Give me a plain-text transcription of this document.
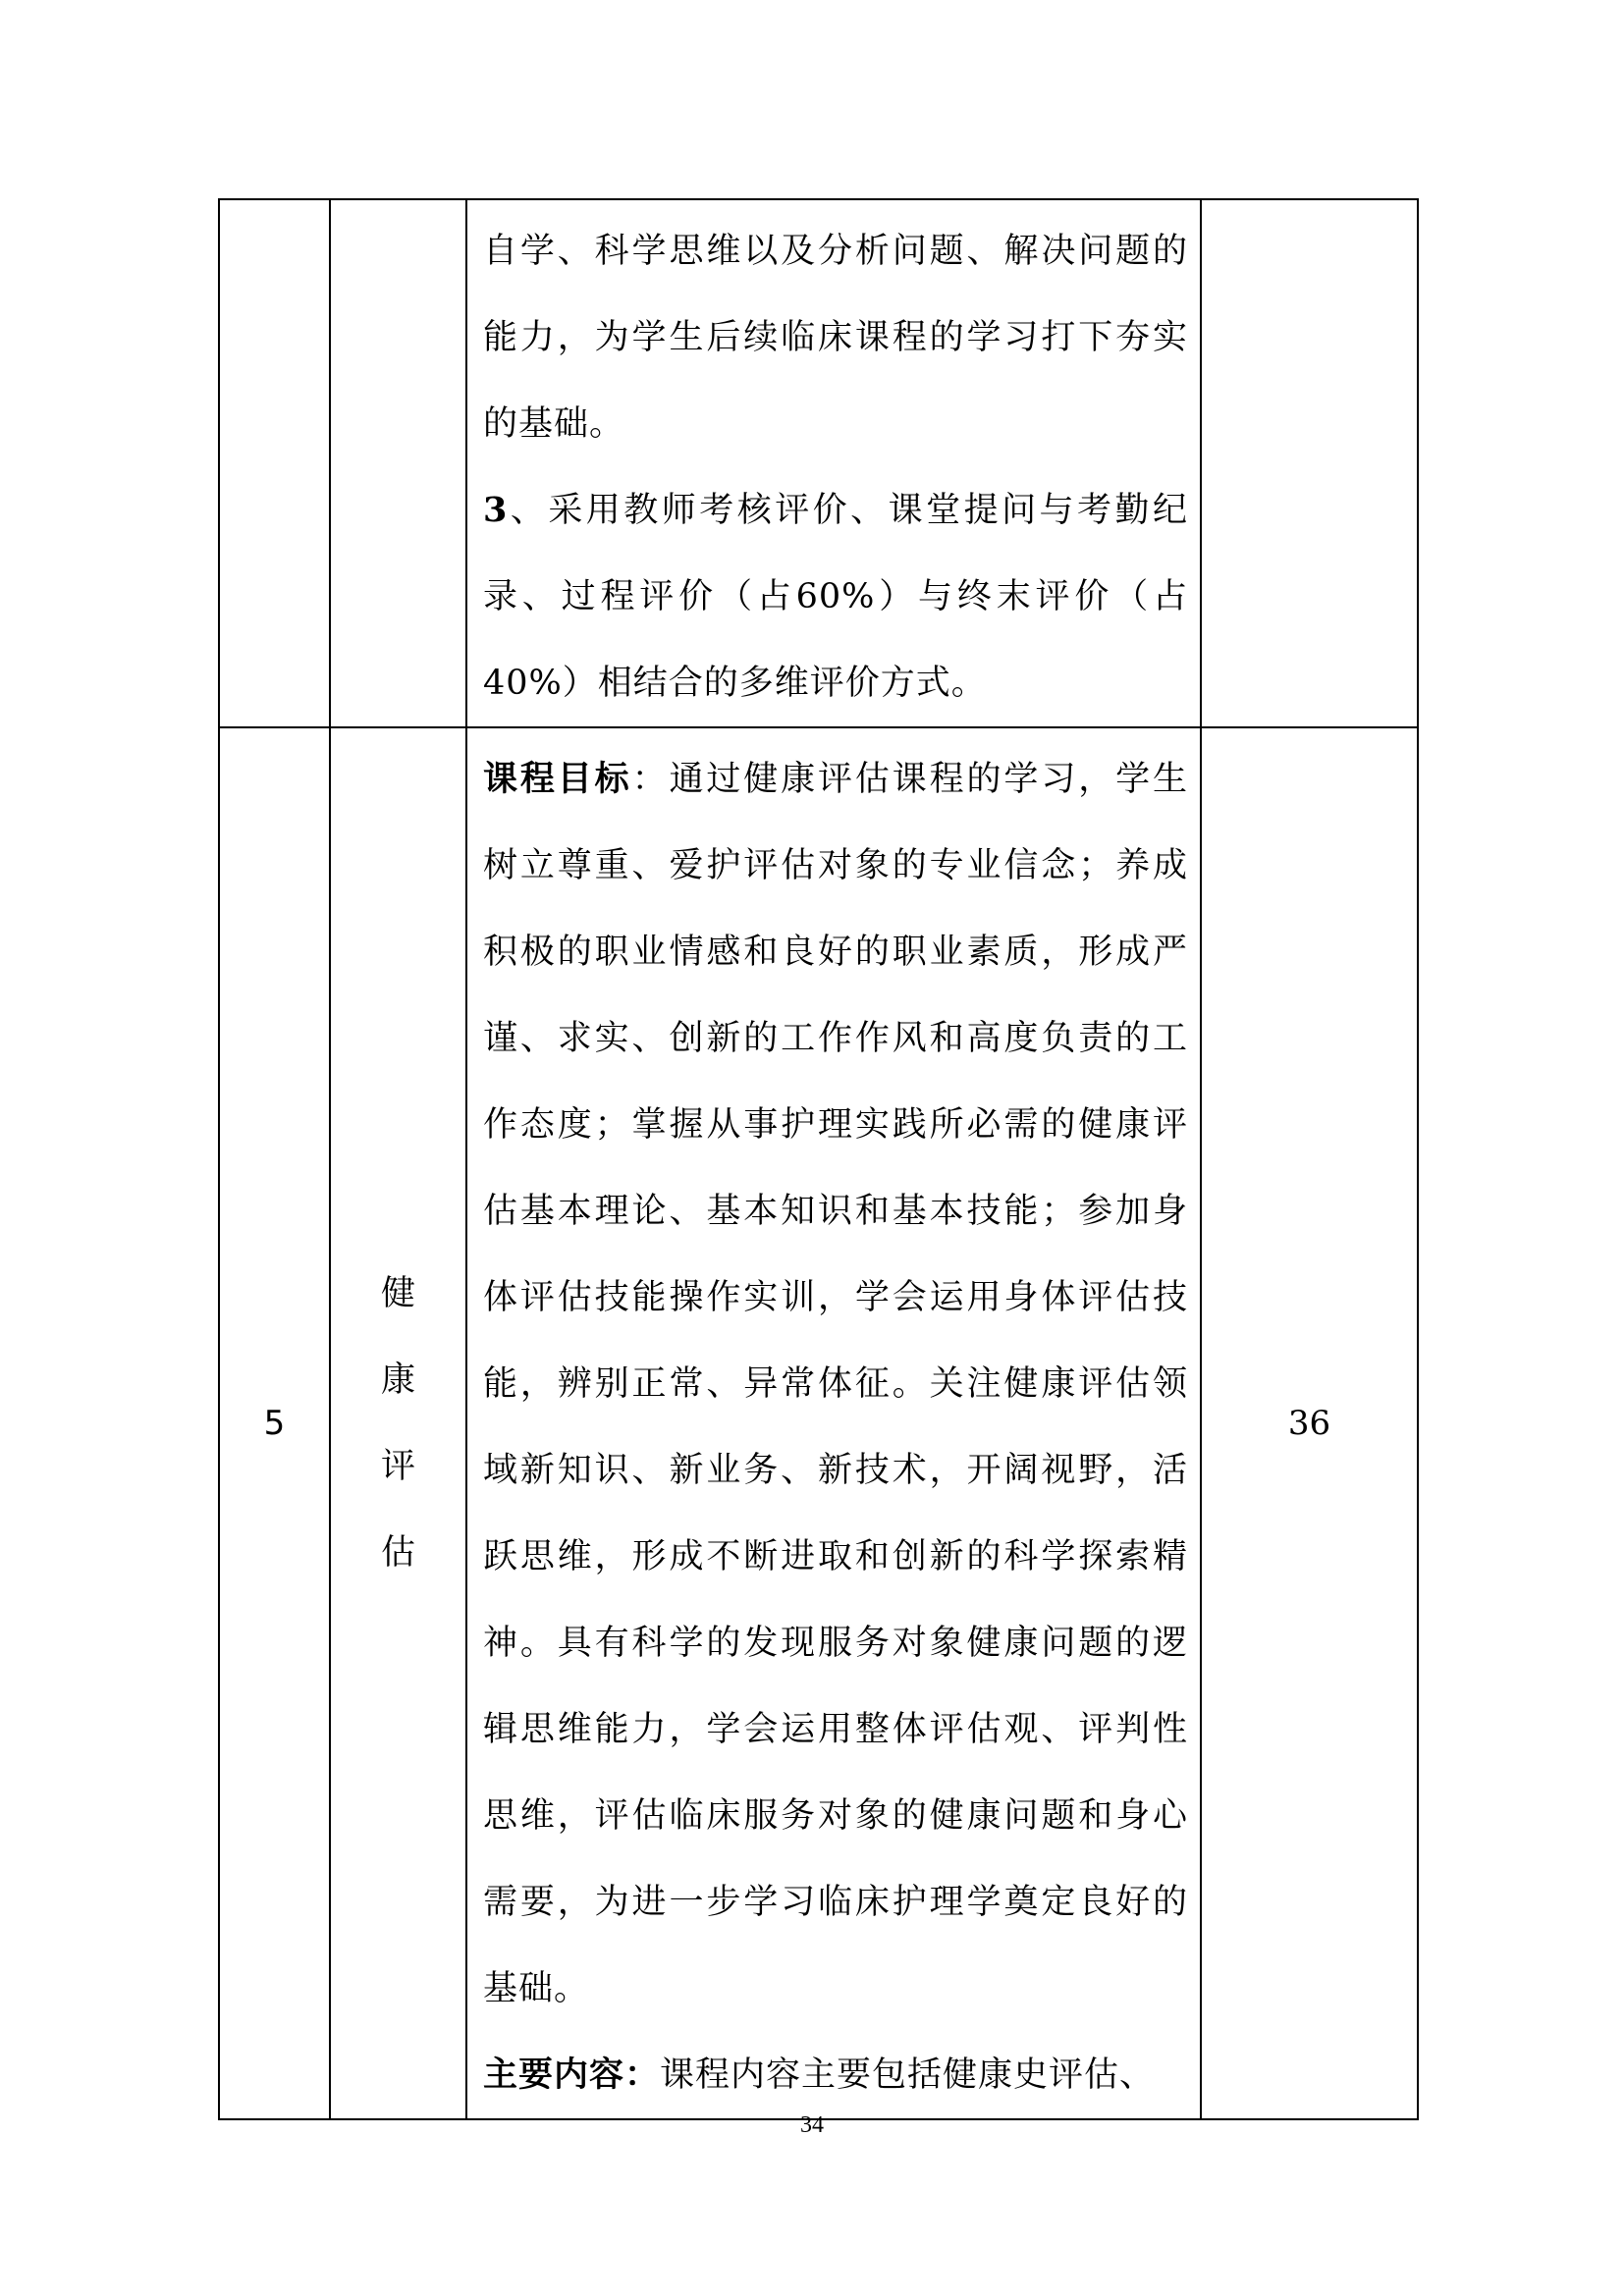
		自学、科学思维以及分析问题、解决问题的能力，为学生后续临床课程的学习打下夯实的基础。

3、采用教师考核评价、课堂提问与考勤纪录、过程评价（占60%）与终末评价（占40%）相结合的多维评价方式。	

5	健康评估	课程目标：通过健康评估课程的学习，学生树立尊重、爱护评估对象的专业信念；养成积极的职业情感和良好的职业素质，形成严谨、求实、创新的工作作风和高度负责的工作态度；掌握从事护理实践所必需的健康评估基本理论、基本知识和基本技能；参加身体评估技能操作实训，学会运用身体评估技能，辨别正常、异常体征。关注健康评估领域新知识、新业务、新技术，开阔视野，活跃思维，形成不断进取和创新的科学探索精神。具有科学的发现服务对象健康问题的逻辑思维能力，学会运用整体评估观、评判性思维，评估临床服务对象的健康问题和身心需要，为进一步学习临床护理学奠定良好的基础。

主要内容：课程内容主要包括健康史评估、	36
34
